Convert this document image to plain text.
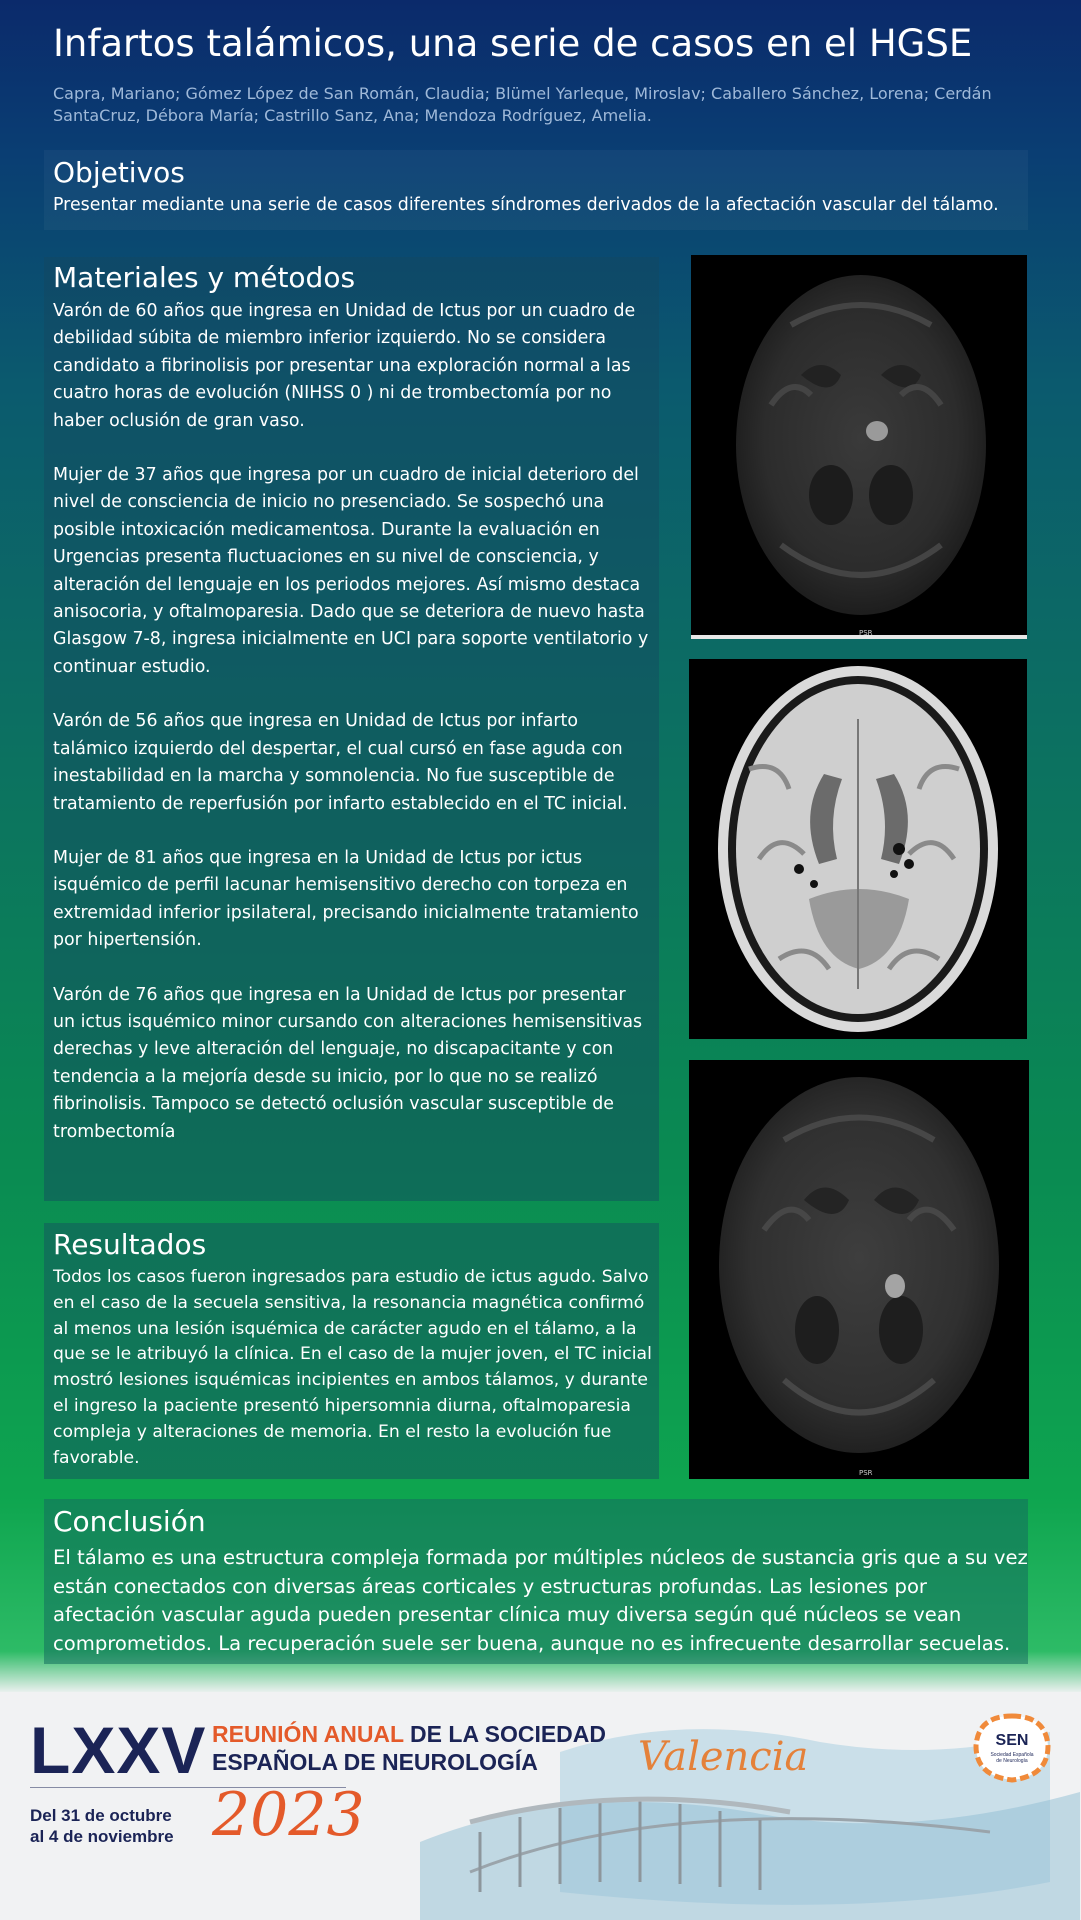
Infartos talámicos, una serie de casos en el HGSE
Capra, Mariano; Gómez López de San Román, Claudia; Blümel Yarleque, Miroslav; Caballero Sánchez, Lorena; Cerdán SantaCruz, Débora María; Castrillo Sanz, Ana; Mendoza Rodríguez, Amelia.
Objetivos
Presentar mediante una serie de casos diferentes síndromes derivados de la afectación vascular del tálamo.
Materiales y métodos

Varón de 60 años que ingresa en Unidad de Ictus por un cuadro de debilidad súbita de miembro inferior izquierdo. No se considera candidato a fibrinolisis por presentar una exploración normal a las cuatro horas de evolución (NIHSS 0 ) ni de trombectomía por no haber oclusión de gran vaso.

Mujer de 37 años que ingresa por un cuadro de inicial deterioro del nivel de consciencia de inicio no presenciado. Se sospechó una posible intoxicación medicamentosa. Durante la evaluación en Urgencias presenta fluctuaciones en su nivel de consciencia, y alteración del lenguaje en los periodos mejores. Así mismo destaca anisocoria, y oftalmoparesia. Dado que se deteriora de nuevo hasta Glasgow 7-8, ingresa inicialmente en UCI para soporte ventilatorio y continuar estudio.

Varón de 56 años que ingresa en Unidad de Ictus por infarto talámico izquierdo del despertar, el cual cursó en fase aguda con inestabilidad en la marcha y somnolencia. No fue susceptible de tratamiento de reperfusión por infarto establecido en el TC inicial.

Mujer de 81 años que ingresa en la Unidad de Ictus por ictus isquémico de perfil lacunar hemisensitivo derecho con torpeza en extremidad inferior ipsilateral, precisando inicialmente tratamiento por hipertensión.

Varón de 76 años que ingresa en la Unidad de Ictus por presentar un ictus isquémico minor cursando con alteraciones hemisensitivas derechas y leve alteración del lenguaje, no discapacitante y con tendencia a la mejoría desde su inicio, por lo que no se realizó fibrinolisis. Tampoco se detectó oclusión vascular susceptible de trombectomía

Resultados
Todos los casos fueron ingresados para estudio de ictus agudo. Salvo en el caso de la secuela sensitiva, la resonancia magnética confirmó al menos una lesión isquémica de carácter agudo en el tálamo, a la que se le atribuyó la clínica. En el caso de la mujer joven, el TC inicial mostró lesiones isquémicas incipientes en ambos tálamos, y durante el ingreso la paciente presentó hipersomnia diurna, oftalmoparesia compleja y alteraciones de memoria. En el resto la evolución fue favorable.
Conclusión
El tálamo es una estructura compleja formada por múltiples núcleos de sustancia gris que a su vez están conectados con diversas áreas corticales y estructuras profundas. Las lesiones por afectación vascular aguda pueden presentar clínica muy diversa según qué núcleos se vean comprometidos. La recuperación suele ser buena, aunque no es infrecuente desarrollar secuelas.
PSR
PSR
LXXV REUNIÓN ANUAL DE LA SOCIEDAD
ESPAÑOLA DE NEUROLOGÍA
Del 31 de octubre
al 4 de noviembre 2023
Valencia	SEN
Sociedad Española
de Neurología
